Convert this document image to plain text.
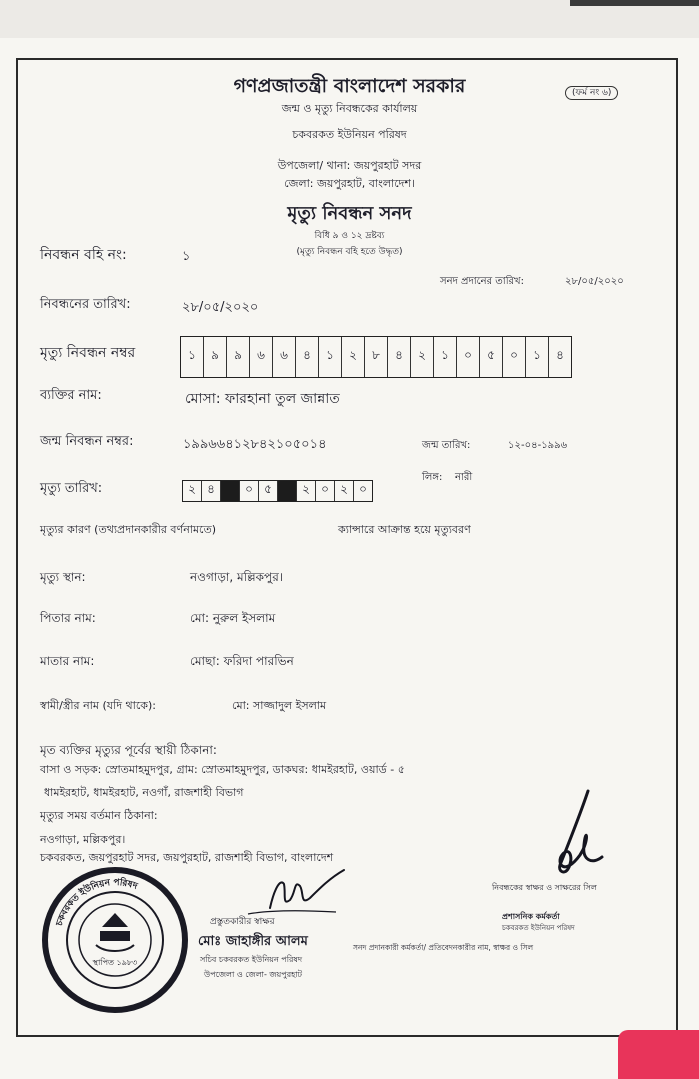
গণপ্রজাতন্ত্রী বাংলাদেশ সরকার
জন্ম ও মৃত্যু নিবন্ধকের কার্যালয়
চকবরকত ইউনিয়ন পরিষদ
উপজেলা/ থানা: জয়পুরহাট সদর
জেলা: জয়পুরহাট, বাংলাদেশ।
মৃত্যু নিবন্ধন সনদ
বিধি ৯ ও ১২ দ্রষ্টব্য
(মৃত্যু নিবন্ধন বহি হতে উদ্ধৃত)
(ফর্ম নং ৬)
নিবন্ধন বহি নং:	১
সনদ প্রদানের তারিখ:	২৮/০৫/২০২০
নিবন্ধনের তারিখ:	২৮/০৫/২০২০
মৃত্যু নিবন্ধন নম্বর	১	৯	৯	৬	৬	৪	১	২	৮	৪	২	১	০	৫	০	১	৪
ব্যক্তির নাম:	মোসা: ফারহানা তুল জান্নাত
জন্ম নিবন্ধন নম্বর:	১৯৯৬৬৪১২৮৪২১০৫০১৪	জন্ম তারিখ:	১২-০৪-১৯৯৬
লিঙ্গ: নারী
মৃত্যু তারিখ:	২ ৪	০ ৫	২ ০ ২ ০
মৃত্যুর কারণ (তথ্যপ্রদানকারীর বর্ণনামতে)	ক্যান্সারে আক্রান্ত হয়ে মৃত্যুবরণ
মৃত্যু স্থান:	নওগাড়া, মল্লিকপুর।
পিতার নাম:	মো: নুরুল ইসলাম
মাতার নাম:	মোছা: ফরিদা পারভিন
স্বামী/স্ত্রীর নাম (যদি থাকে):	মো: সাজ্জাদুল ইসলাম
মৃত ব্যক্তির মৃত্যুর পূর্বের স্থায়ী ঠিকানা:
বাসা ও সড়ক: স্রোতমাহমুদপুর, গ্রাম: স্রোতমাহমুদপুর, ডাকঘর: ধামইরহাট, ওয়ার্ড - ৫
ধামইরহাট, ধামইরহাট, নওগাঁ, রাজশাহী বিভাগ
মৃত্যুর সময় বর্তমান ঠিকানা:
নওগাড়া, মল্লিকপুর।
চকবরকত, জয়পুরহাট সদর, জয়পুরহাট, রাজশাহী বিভাগ, বাংলাদেশ
নিবন্ধকের স্বাক্ষর ও সাক্ষরের সিল
প্রশাসনিক কর্মকর্তা
চকবরকত ইউনিয়ন পরিষদ
সনদ প্রদানকারী কর্মকর্তা/ প্রতিবেদনকারীর নাম, স্বাক্ষর ও সিল
প্রস্তুতকারীর স্বাক্ষর
মোঃ জাহাঙ্গীর আলম
সচিব চকবরকত ইউনিয়ন পরিষদ
উপজেলা ও জেলা- জয়পুরহাট
স্থাপিত ১৯৮৩
চকবরকত ইউনিয়ন পরিষদ
